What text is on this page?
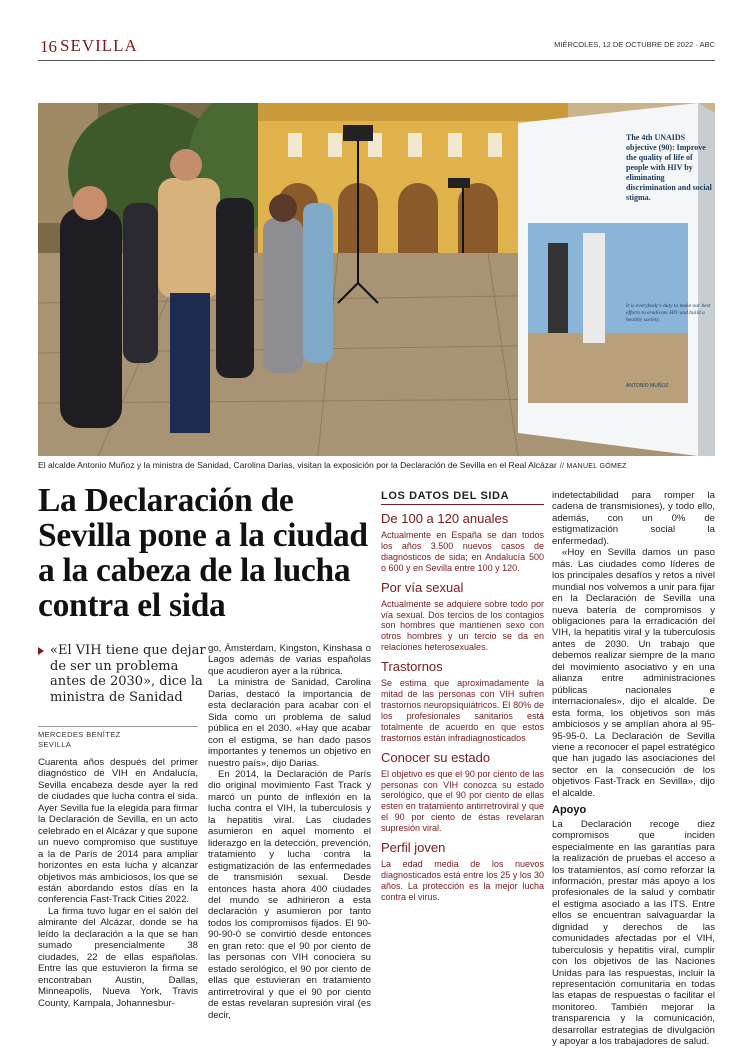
16 SEVILLA	MIÉRCOLES, 12 DE OCTUBRE DE 2022 · ABC
The 4th UNAIDS objective (90): Improve the quality of life of people with HIV by eliminating discrimination and social stigma.
It is everybody's duty to make our best efforts to eradicate HIV and build a healthy society.
ANTONIO MUÑOZ
El alcalde Antonio Muñoz y la ministra de Sanidad, Carolina Darias, visitan la exposición por la Declaración de Sevilla en el Real Alcázar // MANUEL GÓMEZ
La Declaración de Sevilla pone a la ciudad a la cabeza de la lucha contra el sida
«El VIH tiene que dejar de ser un problema antes de 2030», dice la ministra de Sanidad
MERCEDES BENÍTEZ
SEVILLA

Cuarenta años después del primer diagnóstico de VIH en Andalucía, Sevilla encabeza desde ayer la red de ciudades que lucha contra el sida. Ayer Sevilla fue la elegida para firmar la Declaración de Sevilla, en un acto celebrado en el Alcázar y que supone un nuevo compromiso que sustituye a la de París de 2014 para ampliar horizontes en esta lucha y alcanzar objetivos más ambiciosos, los que se están abordando estos días en la conferencia Fast-Track Cities 2022.

La firma tuvo lugar en el salón del almirante del Alcázar, donde se ha leído la declaración a la que se han sumado presencialmente 38 ciudades, 22 de ellas españolas. Entre las que estuvieron la firma se encontraban Austin, Dallas, Minneapolis, Nueva York, Travis County, Kampala, Johannesbur-

go, Ámsterdam, Kingston, Kinshasa o Lagos además de varias españolas que acudieron ayer a la rúbrica.

La ministra de Sanidad, Carolina Darias, destacó la importancia de esta declaración para acabar con el Sida como un problema de salud pública en el 2030. «Hay que acabar con el estigma, se han dado pasos importantes y tenemos un objetivo en nuestro país», dijo Darias.

En 2014, la Declaración de París dio original movimiento Fast Track y marcó un punto de inflexión en la lucha contra el VIH, la tuberculosis y la hepatitis viral. Las ciudades asumieron en aquel momento el liderazgo en la detección, prevención, tratamiento y lucha contra la estigmatización de las enfermedades de transmisión sexual. Desde entonces hasta ahora 400 ciudades del mundo se adhirieron a esta declaración y asumieron por tanto todos los compromisos fijados. El 90-90-90-0 se convirtió desde entonces en gran reto: que el 90 por ciento de las personas con VIH conociera su estado serológico, el 90 por ciento de ellas que estuvieran en tratamiento antirretroviral y que el 90 por ciento de estas revelaran supresión viral (es decir,

LOS DATOS DEL SIDA
De 100 a 120 anuales
Actualmente en España se dan todos los años 3.500 nuevos casos de diagnósticos de sida; en Andalucía 500 o 600 y en Sevilla entre 100 y 120.
Por vía sexual
Actualmente se adquiere sobre todo por vía sexual. Dos tercios de los contagios son hombres que mantienen sexo con otros hombres y un tercio se da en relaciones heterosexuales.
Trastornos
Se estima que aproximadamente la mitad de las personas con VIH sufren trastornos neuropsiquiátricos. El 80% de los profesionales sanitarios está totalmente de acuerdo en que estos trastornos están infradiagnosticados
Conocer su estado
El objetivo es que el 90 por ciento de las personas con VIH conozca su estado serológico, que el 90 por ciento de ellas esten en tratamiento antirretroviral y que el 90 por ciento de éstas revelaran supresión viral.
Perfil joven
La edad media de los nuevos diagnosticados está entre los 25 y los 30 años. La protección es la mejor lucha contra el virus.

indetectabilidad para romper la cadena de transmisiones), y todo ello, además, con un 0% de estigmatización social la enfermedad).

«Hoy en Sevilla damos un paso más. Las ciudades como líderes de los principales desafíos y retos a nivel mundial nos volvemos a unir para fijar en la Declaración de Sevilla una nueva batería de compromisos y obligaciones para la erradicación del VIH, la hepatitis viral y la tuberculosis antes de 2030. Un trabajo que debemos realizar siempre de la mano del movimiento asociativo y en una alianza entre administraciones públicas nacionales e internacionales», dijo el alcalde. De esta forma, los objetivos son más ambiciosos y se amplían ahora al 95-95-95-0. La Declaración de Sevilla viene a reconocer el papel estratégico que han jugado las asociaciones del sector en la consecución de los objetivos Fast-Track en Sevilla», dijo el alcalde.

Apoyo

La Declaración recoge diez compromisos que inciden especialmente en las garantías para la realización de pruebas el acceso a los tratamientos, así como reforzar la información, prestar más apoyo a los profesionales de la salud y combatir el estigma asociado a las ITS. Entre ellos se encuentran salvaguardar la dignidad y derechos de las comunidades afectadas por el VIH, tuberculosis y hepatitis viral, cumplir con los objetivos de las Naciones Unidas para las respuestas, incluir la representación comunitaria en todas las etapas de respuestas o facilitar el monitoreo. También mejorar la transparencia y la comunicación, desarrollar estrategias de divulgación y apoyar a los trabajadores de salud.
